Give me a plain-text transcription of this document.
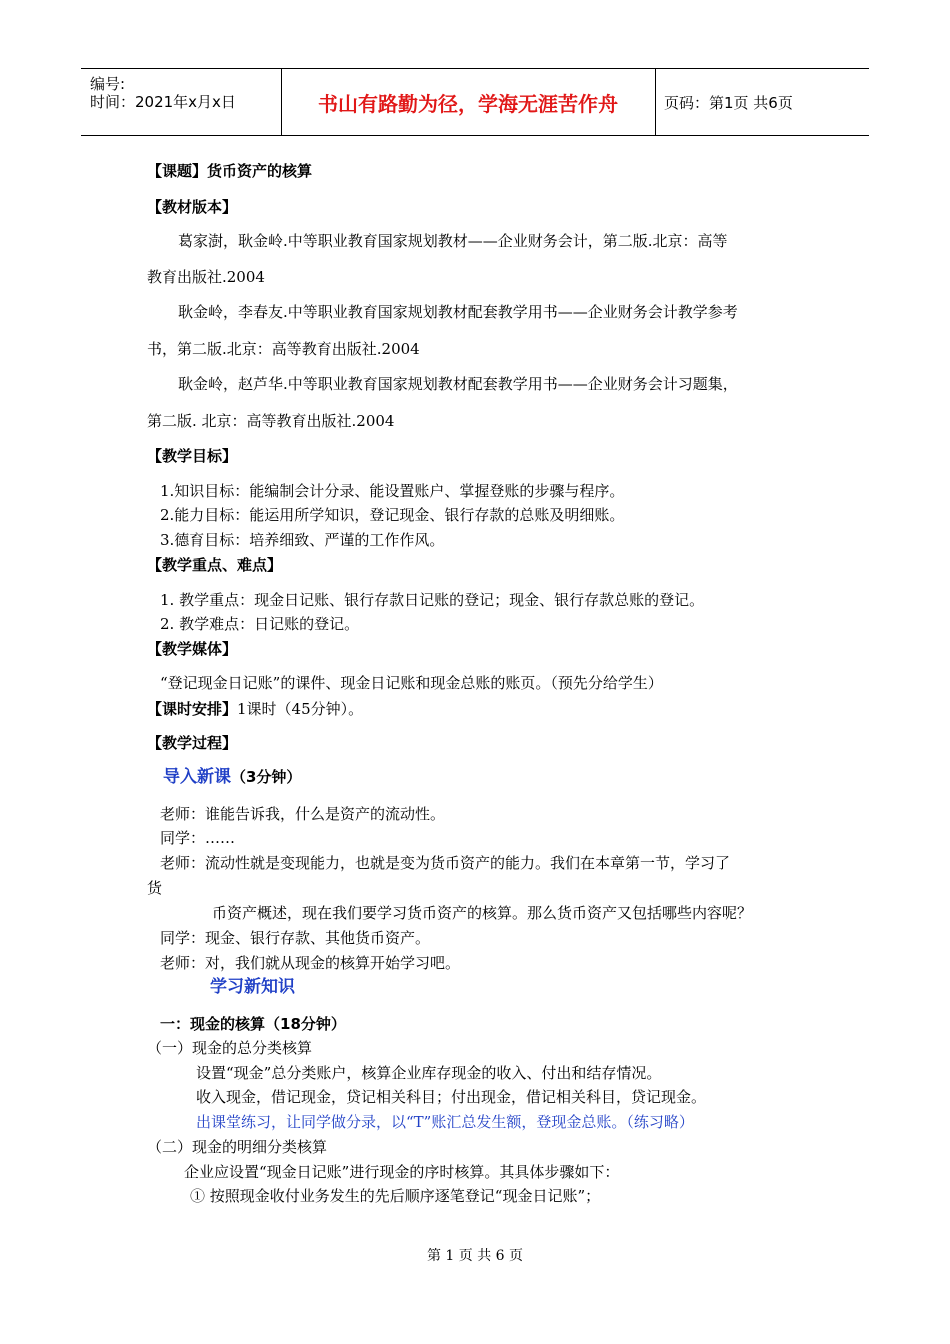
编号:
时间：2021年x月x日	书山有路勤为径，学海无涯苦作舟	页码：第1页 共6页
【课题】货币资产的核算
【教材版本】
葛家澍，耿金岭.中等职业教育国家规划教材——企业财务会计，第二版.北京：高等
教育出版社.2004
耿金岭，李春友.中等职业教育国家规划教材配套教学用书——企业财务会计教学参考
书，第二版.北京：高等教育出版社.2004
耿金岭，赵芦华.中等职业教育国家规划教材配套教学用书——企业财务会计习题集，
第二版. 北京：高等教育出版社.2004
【教学目标】
1.知识目标：能编制会计分录、能设置账户、掌握登账的步骤与程序。
2.能力目标：能运用所学知识，登记现金、银行存款的总账及明细账。
3.德育目标：培养细致、严谨的工作作风。
【教学重点、难点】
1. 教学重点：现金日记账、银行存款日记账的登记；现金、银行存款总账的登记。
2. 教学难点：日记账的登记。
【教学媒体】
“登记现金日记账”的课件、现金日记账和现金总账的账页。（预先分给学生）
【课时安排】1课时（45分钟）。
【教学过程】
导入新课（3分钟）
老师：谁能告诉我，什么是资产的流动性。
同学：……
老师：流动性就是变现能力，也就是变为货币资产的能力。我们在本章第一节，学习了
货
币资产概述，现在我们要学习货币资产的核算。那么货币资产又包括哪些内容呢？
同学：现金、银行存款、其他货币资产。
老师：对，我们就从现金的核算开始学习吧。
学习新知识
一：现金的核算（18分钟）
（一）现金的总分类核算
设置“现金”总分类账户，核算企业库存现金的收入、付出和结存情况。
收入现金，借记现金，贷记相关科目；付出现金，借记相关科目，贷记现金。
出课堂练习，让同学做分录，以“T”账汇总发生额，登现金总账。（练习略）
（二）现金的明细分类核算
企业应设置“现金日记账”进行现金的序时核算。其具体步骤如下：
① 按照现金收付业务发生的先后顺序逐笔登记“现金日记账”；
第 1 页 共 6 页
